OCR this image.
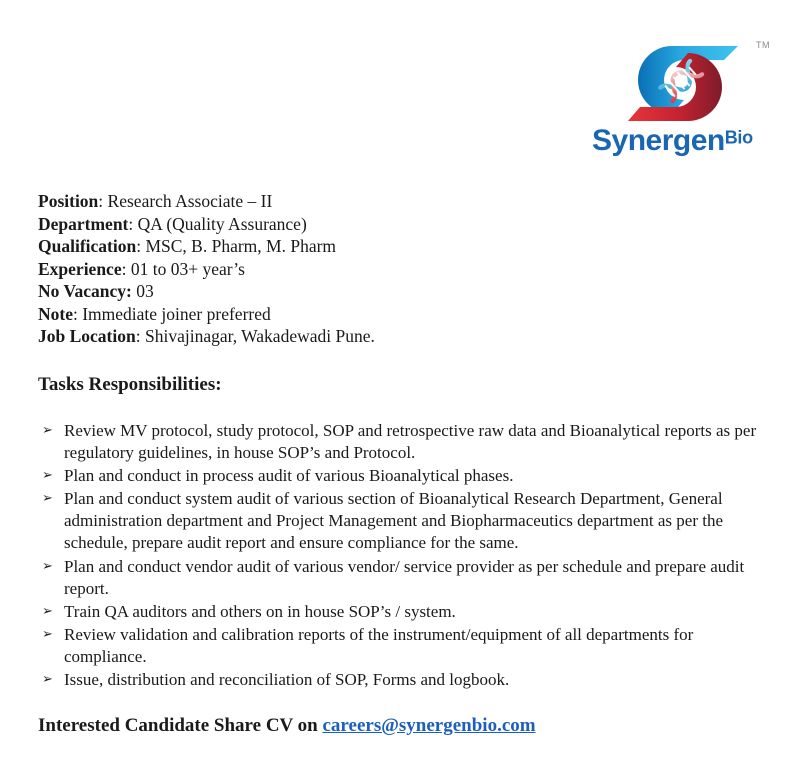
TM
SynergenBio
Position: Research Associate – II
Department: QA (Quality Assurance)
Qualification: MSC, B. Pharm, M. Pharm
Experience: 01 to 03+ year’s
No Vacancy: 03
Note: Immediate joiner preferred
Job Location: Shivajinagar, Wakadewadi Pune.
Tasks Responsibilities:
➢ Review MV protocol, study protocol, SOP and retrospective raw data and Bioanalytical reports as per regulatory guidelines, in house SOP’s and Protocol.
➢ Plan and conduct in process audit of various Bioanalytical phases.
➢ Plan and conduct system audit of various section of Bioanalytical Research Department, General administration department and Project Management and Biopharmaceutics department as per the schedule, prepare audit report and ensure compliance for the same.
➢ Plan and conduct vendor audit of various vendor/ service provider as per schedule and prepare audit report.
➢ Train QA auditors and others on in house SOP’s / system.
➢ Review validation and calibration reports of the instrument/equipment of all departments for compliance.
➢ Issue, distribution and reconciliation of SOP, Forms and logbook.
Interested Candidate Share CV on careers@synergenbio.com
